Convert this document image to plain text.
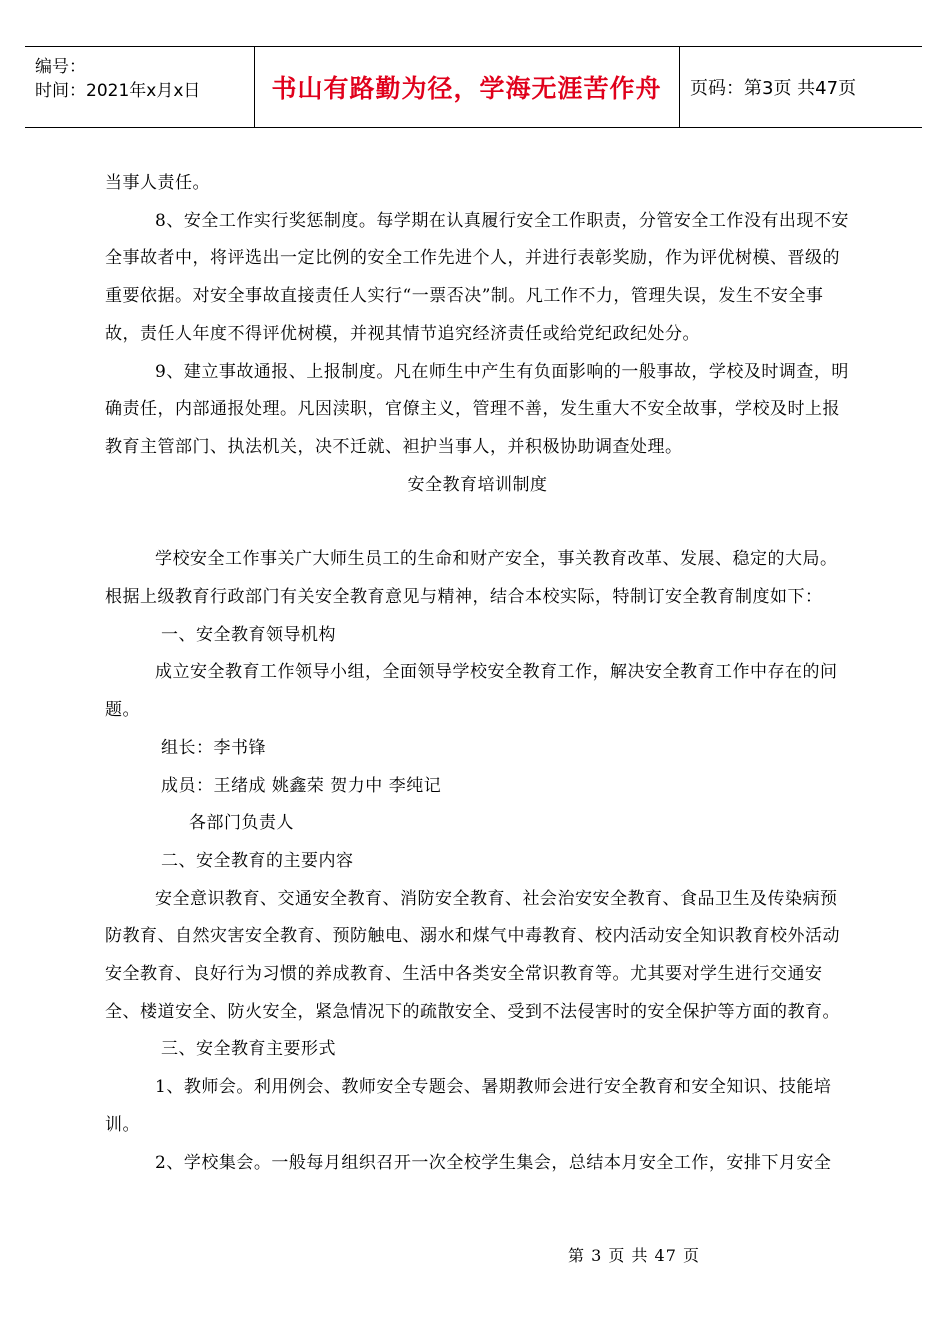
编号：
时间：2021年x月x日	书山有路勤为径，学海无涯苦作舟	页码：第3页 共47页

当事人责任。

8、安全工作实行奖惩制度。每学期在认真履行安全工作职责，分管安全工作没有出现不安全事故者中，将评选出一定比例的安全工作先进个人，并进行表彰奖励，作为评优树模、晋级的重要依据。对安全事故直接责任人实行“一票否决”制。凡工作不力，管理失误，发生不安全事故，责任人年度不得评优树模，并视其情节追究经济责任或给党纪政纪处分。

9、建立事故通报、上报制度。凡在师生中产生有负面影响的一般事故，学校及时调查，明确责任，内部通报处理。凡因渎职，官僚主义，管理不善，发生重大不安全故事，学校及时上报教育主管部门、执法机关，决不迁就、袒护当事人，并积极协助调查处理。

安全教育培训制度

学校安全工作事关广大师生员工的生命和财产安全，事关教育改革、发展、稳定的大局。根据上级教育行政部门有关安全教育意见与精神，结合本校实际，特制订安全教育制度如下：

一、安全教育领导机构

成立安全教育工作领导小组，全面领导学校安全教育工作，解决安全教育工作中存在的问题。

组长：李书锋

成员：王绪成 姚鑫荣 贺力中 李纯记

各部门负责人

二、安全教育的主要内容

安全意识教育、交通安全教育、消防安全教育、社会治安安全教育、食品卫生及传染病预防教育、自然灾害安全教育、预防触电、溺水和煤气中毒教育、校内活动安全知识教育校外活动安全教育、良好行为习惯的养成教育、生活中各类安全常识教育等。尤其要对学生进行交通安全、楼道安全、防火安全，紧急情况下的疏散安全、受到不法侵害时的安全保护等方面的教育。

三、安全教育主要形式

1、教师会。利用例会、教师安全专题会、暑期教师会进行安全教育和安全知识、技能培训。

2、学校集会。一般每月组织召开一次全校学生集会，总结本月安全工作，安排下月安全

第 3 页 共 47 页
